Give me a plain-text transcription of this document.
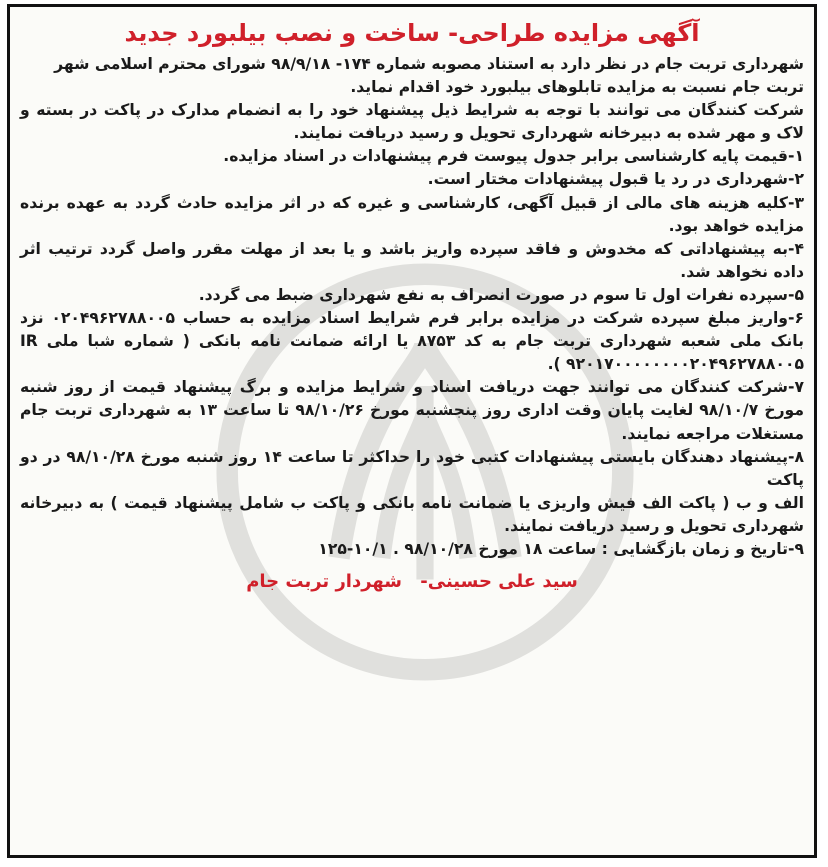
آگهی مزایده طراحی- ساخت و نصب بیلبورد جدید

شهرداری تربت جام در نظر دارد به استناد مصوبه شماره ۱۷۴- ۹۸/۹/۱۸ شورای محترم اسلامی شهر

تربت جام نسبت به مزایده تابلوهای بیلبورد خود اقدام نماید.

شرکت کنندگان می توانند با توجه به شرایط ذیل پیشنهاد خود را به انضمام مدارک در پاکت در بسته و لاک و مهر شده به دبیرخانه شهرداری تحویل و رسید دریافت نمایند.

۱-قیمت پایه کارشناسی برابر جدول پیوست فرم پیشنهادات در اسناد مزایده.

۲-شهرداری در رد یا قبول پیشنهادات مختار است.

۳-کلیه هزینه های مالی از قبیل آگهی، کارشناسی و غیره که در اثر مزایده حادث گردد به عهده برنده مزایده خواهد بود.

۴-به پیشنهاداتی که مخدوش و فاقد سپرده واریز باشد و یا بعد از مهلت مقرر واصل گردد ترتیب اثر داده نخواهد شد.

۵-سپرده نفرات اول تا سوم در صورت انصراف به نفع شهرداری ضبط می گردد.

۶-واریز مبلغ سپرده شرکت در مزایده برابر فرم شرایط اسناد مزایده به حساب ۰۲۰۴۹۶۲۷۸۸۰۰۵ نزد بانک ملی شعبه شهرداری تربت جام به کد ۸۷۵۳ یا ارائه ضمانت نامه بانکی ( شماره شبا ملی IR ۹۲۰۱۷۰۰۰۰۰۰۰۰۲۰۴۹۶۲۷۸۸۰۰۵ ).

۷-شرکت کنندگان می توانند جهت دریافت اسناد و شرایط مزایده و برگ پیشنهاد قیمت از روز شنبه مورخ ۹۸/۱۰/۷ لغایت پایان وقت اداری روز پنجشنبه مورخ ۹۸/۱۰/۲۶ تا ساعت ۱۳ به شهرداری تربت جام مستغلات مراجعه نمایند.

۸-پیشنهاد دهندگان بایستی پیشنهادات کتبی خود را حداکثر تا ساعت ۱۴ روز شنبه مورخ ۹۸/۱۰/۲۸ در دو پاکت

الف و ب ( پاکت الف فیش واریزی یا ضمانت نامه بانکی و پاکت ب شامل پیشنهاد قیمت ) به دبیرخانه شهرداری تحویل و رسید دریافت نمایند.

۹-تاریخ و زمان بازگشایی : ساعت ۱۸ مورخ ۹۸/۱۰/۲۸ . ۱۰/۱-۱۲۵

سید علی حسینی- شهردار تربت جام
